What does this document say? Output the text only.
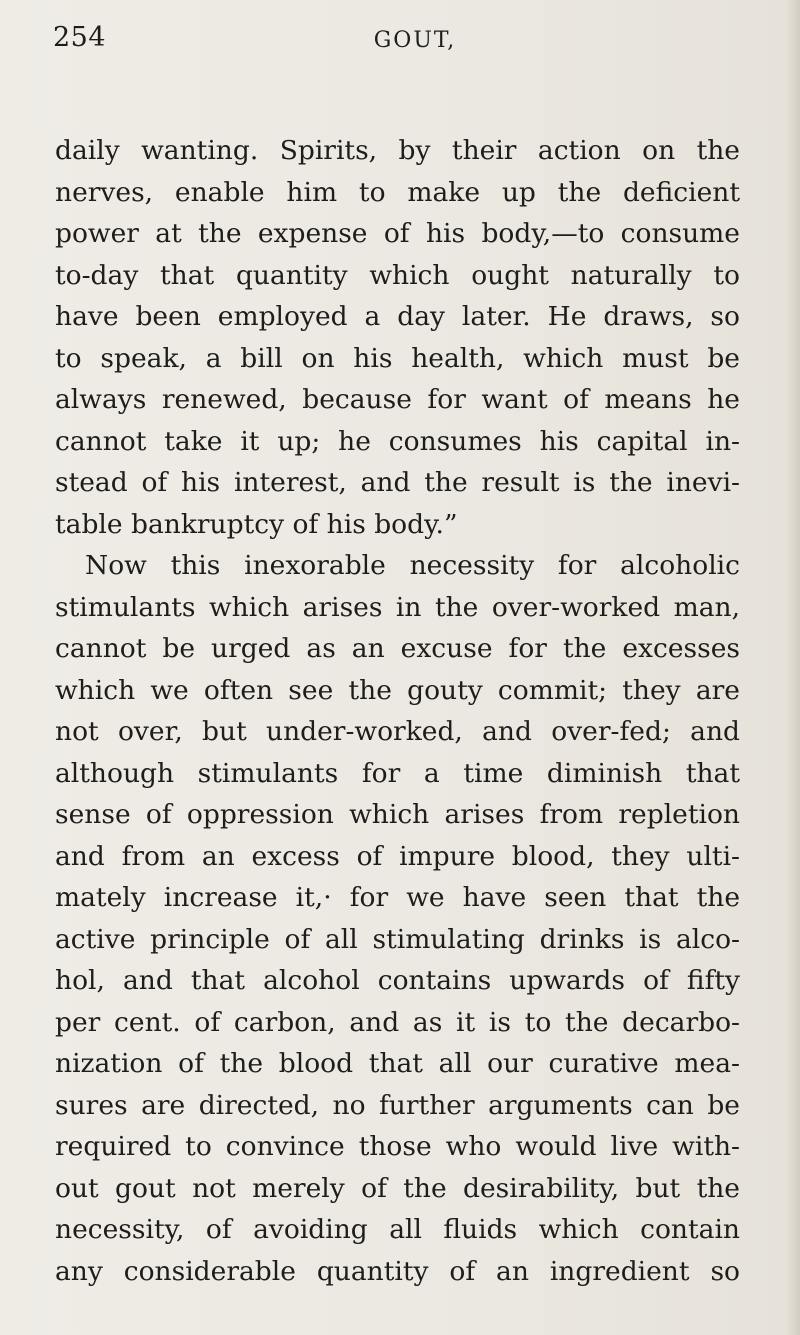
254	GOUT,
daily wanting. Spirits, by their action on the
nerves, enable him to make up the deficient
power at the expense of his body,—to consume
to-day that quantity which ought naturally to
have been employed a day later. He draws, so
to speak, a bill on his health, which must be
always renewed, because for want of means he
cannot take it up; he consumes his capital in-
stead of his interest, and the result is the inevi-
table bankruptcy of his body.”
Now this inexorable necessity for alcoholic
stimulants which arises in the over-worked man,
cannot be urged as an excuse for the excesses
which we often see the gouty commit; they are
not over, but under-worked, and over-fed; and
although stimulants for a time diminish that
sense of oppression which arises from repletion
and from an excess of impure blood, they ulti-
mately increase it,· for we have seen that the
active principle of all stimulating drinks is alco-
hol, and that alcohol contains upwards of fifty
per cent. of carbon, and as it is to the decarbo-
nization of the blood that all our curative mea-
sures are directed, no further arguments can be
required to convince those who would live with-
out gout not merely of the desirability, but the
necessity, of avoiding all fluids which contain
any considerable quantity of an ingredient so
